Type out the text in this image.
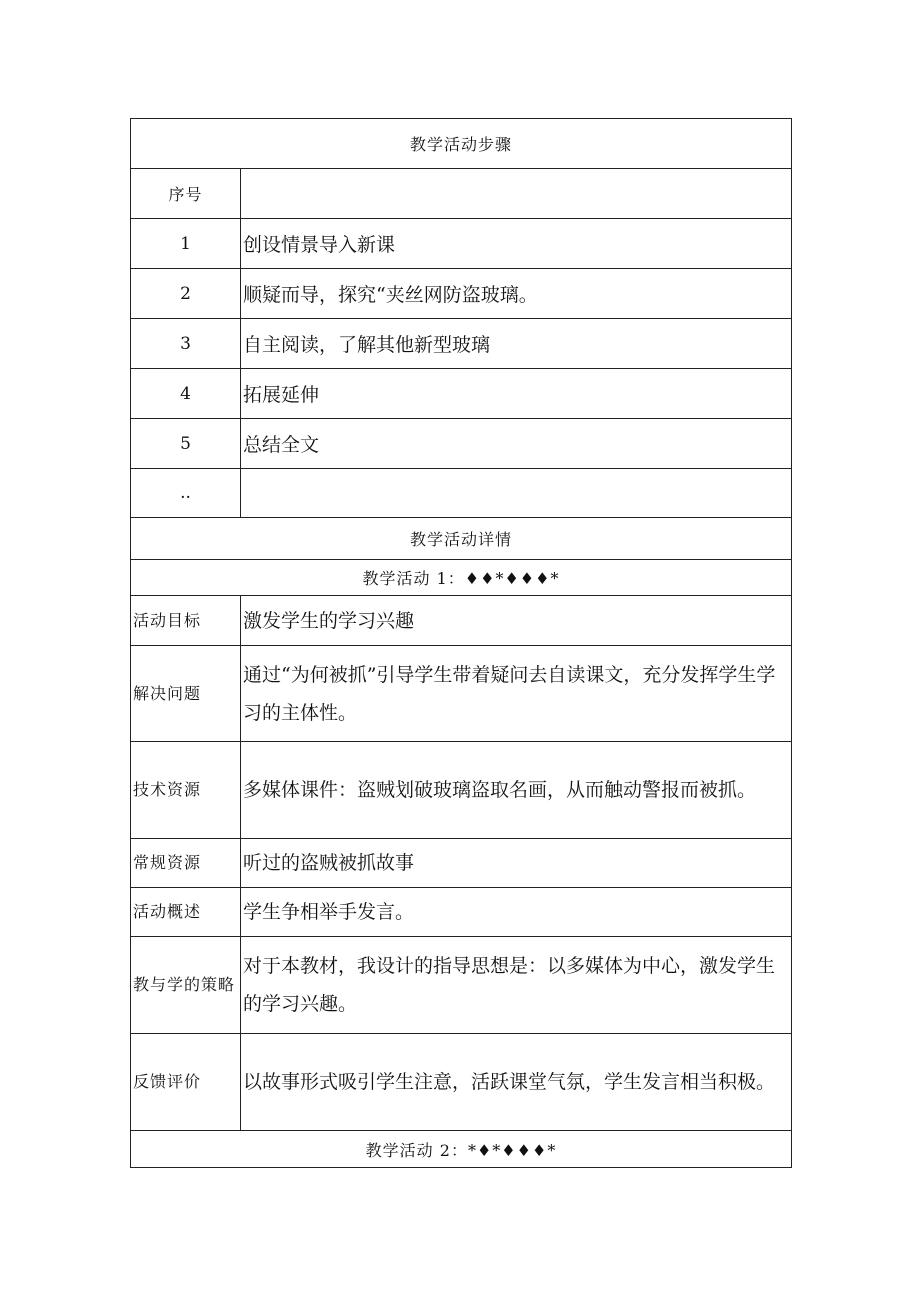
教学活动步骤	
序号	
1	创设情景导入新课
2	顺疑而导，探究“夹丝网防盗玻璃。
3	自主阅读，了解其他新型玻璃
4	拓展延伸
5	总结全文
..	
教学活动详情	
教学活动 1：♦♦*♦♦♦*	
活动目标	激发学生的学习兴趣
解决问题	通过“为何被抓”引导学生带着疑问去自读课文，充分发挥学生学习的主体性。
技术资源	多媒体课件：盗贼划破玻璃盗取名画，从而触动警报而被抓。
常规资源	听过的盗贼被抓故事
活动概述	学生争相举手发言。
教与学的策略	对于本教材，我设计的指导思想是：以多媒体为中心，激发学生的学习兴趣。
反馈评价	以故事形式吸引学生注意，活跃课堂气氛，学生发言相当积极。
教学活动 2：*♦*♦♦♦*	
